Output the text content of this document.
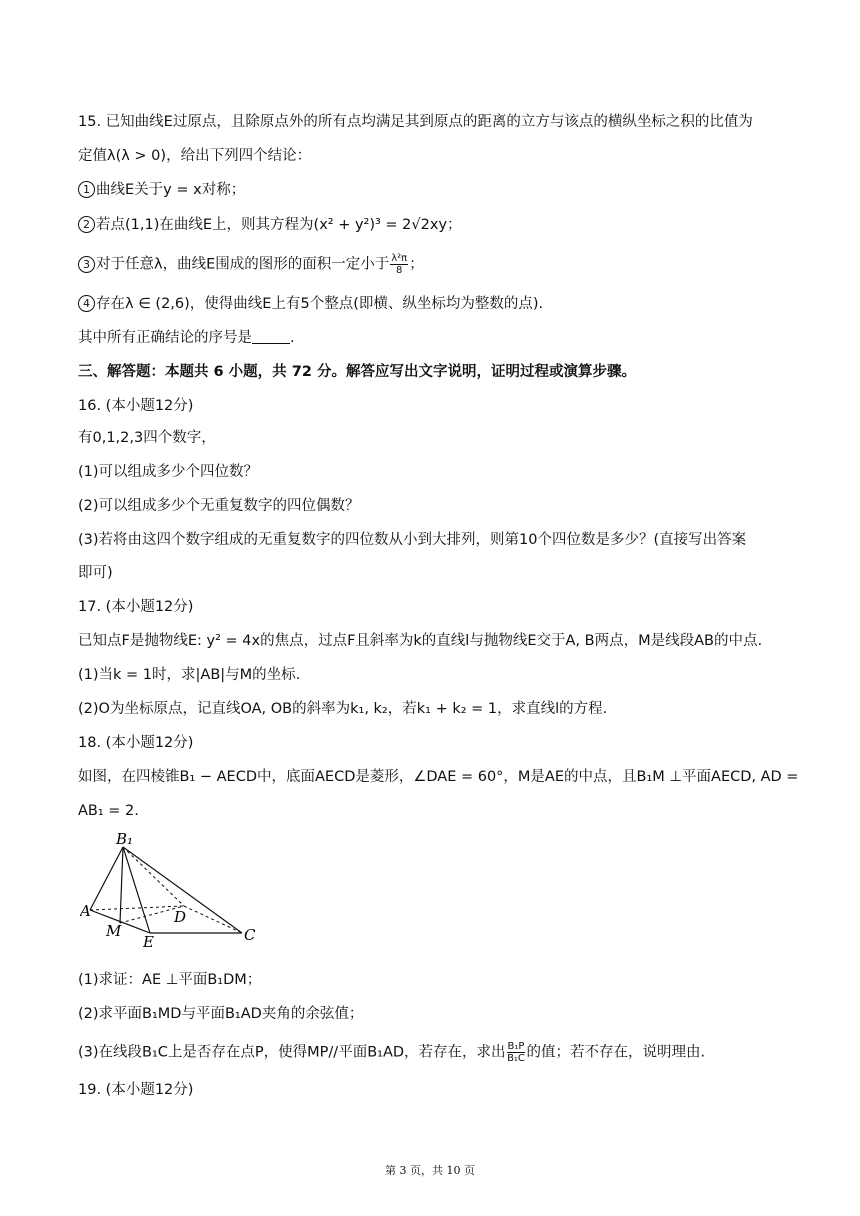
15. 已知曲线E过原点，且除原点外的所有点均满足其到原点的距离的立方与该点的横纵坐标之积的比值为
定值λ(λ > 0)，给出下列四个结论：
1 曲线E关于y = x对称；
2 若点(1,1)在曲线E上，则其方程为(x² + y²)³ = 2√2xy；
3 对于任意λ，曲线E围成的图形的面积一定小于 $\frac{\text{λ²π}}{8}$ ；
4 存在λ ∈ (2,6)，使得曲线E上有5个整点(即横、纵坐标均为整数的点).
其中所有正确结论的序号是	.
三、解答题：本题共 6 小题，共 72 分。解答应写出文字说明，证明过程或演算步骤。
16. (本小题12分)
有0,1,2,3四个数字，
(1)可以组成多少个四位数？
(2)可以组成多少个无重复数字的四位偶数？
(3)若将由这四个数字组成的无重复数字的四位数从小到大排列，则第10个四位数是多少？(直接写出答案
即可)
17. (本小题12分)
已知点F是抛物线E: y² = 4x的焦点，过点F且斜率为k的直线l与抛物线E交于A, B两点，M是线段AB的中点.
(1)当k = 1时，求|AB|与M的坐标.
(2)O为坐标原点，记直线OA, OB的斜率为k₁, k₂，若k₁ + k₂ = 1，求直线l的方程.
18. (本小题12分)
如图，在四棱锥B₁ − AECD中，底面AECD是菱形，∠DAE = 60°，M是AE的中点，且B₁M ⊥平面AECD, AD =
AB₁ = 2.
B₁
A	D
M
E	C
(1)求证：AE ⊥平面B₁DM；
(2)求平面B₁MD与平面B₁AD夹角的余弦值；
(3)在线段B₁C上是否存在点P，使得MP//平面B₁AD，若存在，求出 $\frac{\text{B₁P}}{\text{B₁C}}$ 的值；若不存在，说明理由.
19. (本小题12分)
第 3 页，共 10 页
